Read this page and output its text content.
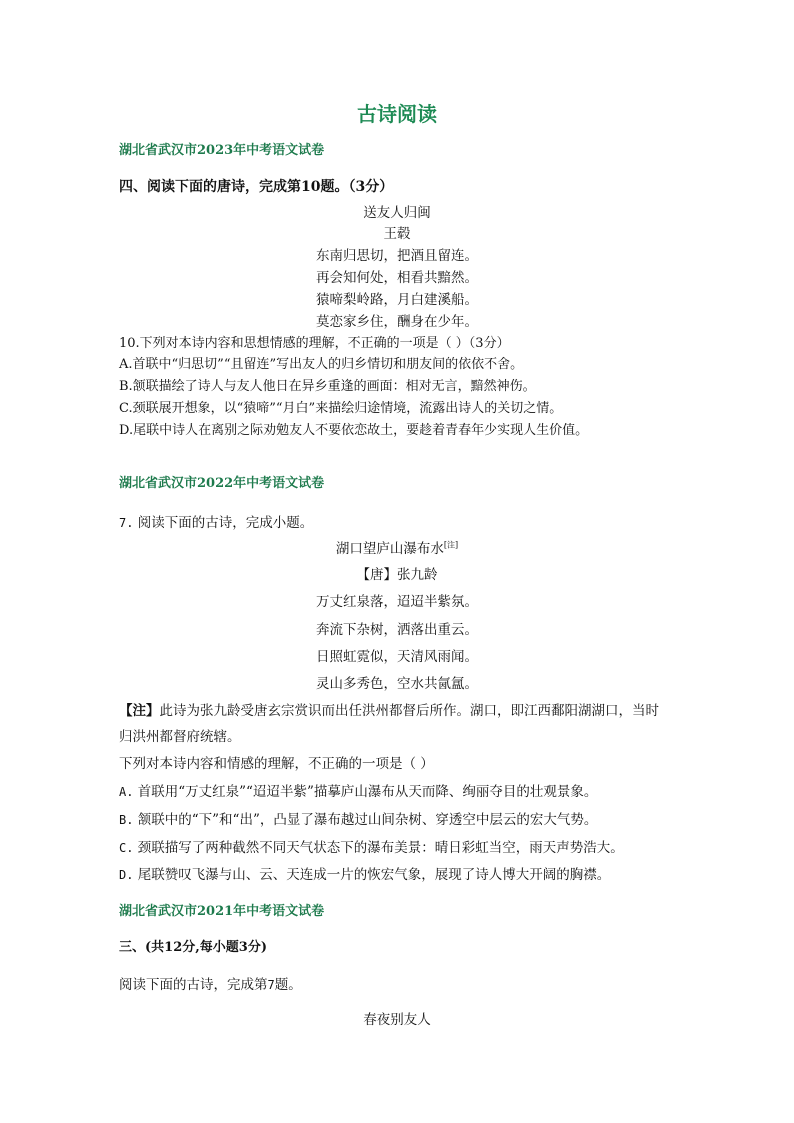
古诗阅读
湖北省武汉市2023年中考语文试卷
四、阅读下面的唐诗，完成第10题。（3分）
送友人归闽
王毂
东南归思切，把酒且留连。
再会知何处，相看共黯然。
猿啼梨岭路，月白建溪船。
莫恋家乡住，酬身在少年。
10.下列对本诗内容和思想情感的理解，不正确的一项是（ ）（3分）
A.首联中“归思切”“且留连”写出友人的归乡情切和朋友间的依依不舍。
B.颔联描绘了诗人与友人他日在异乡重逢的画面：相对无言，黯然神伤。
C.颈联展开想象，以“猿啼”“月白”来描绘归途情境，流露出诗人的关切之情。
D.尾联中诗人在离别之际劝勉友人不要依恋故土，要趁着青春年少实现人生价值。
湖北省武汉市2022年中考语文试卷
7. 阅读下面的古诗，完成小题。
湖口望庐山瀑布水[注]
【唐】张九龄
万丈红泉落，迢迢半紫氛。
奔流下杂树，洒落出重云。
日照虹霓似，天清风雨闻。
灵山多秀色，空水共氤氲。
【注】此诗为张九龄受唐玄宗赏识而出任洪州都督后所作。湖口，即江西鄱阳湖湖口，当时
归洪州都督府统辖。
下列对本诗内容和情感的理解，不正确的一项是（ ）
A. 首联用“万丈红泉”“迢迢半紫”描摹庐山瀑布从天而降、绚丽夺目的壮观景象。
B. 颔联中的“下”和“出”，凸显了瀑布越过山间杂树、穿透空中层云的宏大气势。
C. 颈联描写了两种截然不同天气状态下的瀑布美景：晴日彩虹当空，雨天声势浩大。
D. 尾联赞叹飞瀑与山、云、天连成一片的恢宏气象，展现了诗人博大开阔的胸襟。
湖北省武汉市2021年中考语文试卷
三、(共12分,每小题3分)
阅读下面的古诗，完成第7题。
春夜别友人
